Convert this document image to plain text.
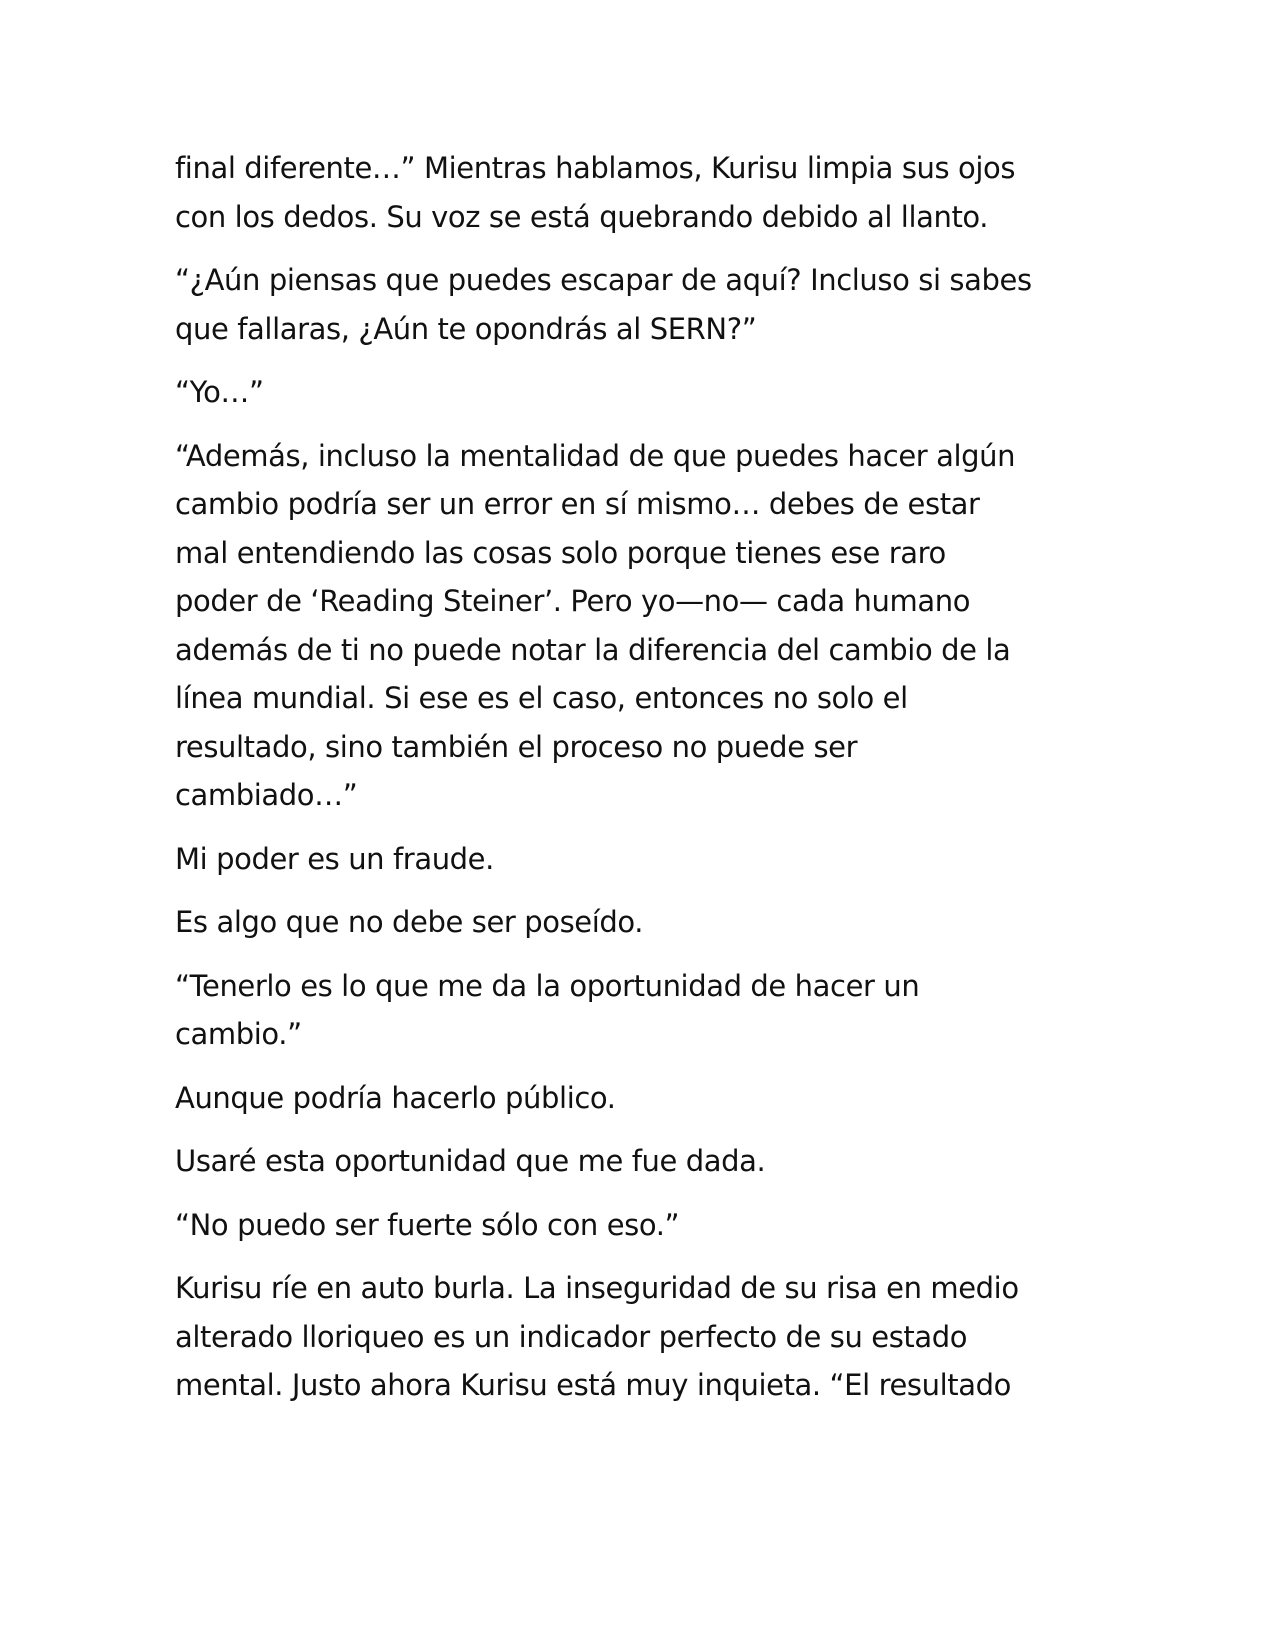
final diferente…” Mientras hablamos, Kurisu limpia sus ojos
con los dedos. Su voz se está quebrando debido al llanto.

“¿Aún piensas que puedes escapar de aquí? Incluso si sabes
que fallaras, ¿Aún te opondrás al SERN?”

“Yo…”

“Además, incluso la mentalidad de que puedes hacer algún
cambio podría ser un error en sí mismo… debes de estar
mal entendiendo las cosas solo porque tienes ese raro
poder de ‘Reading Steiner’. Pero yo—no— cada humano
además de ti no puede notar la diferencia del cambio de la
línea mundial. Si ese es el caso, entonces no solo el
resultado, sino también el proceso no puede ser
cambiado…”

Mi poder es un fraude.

Es algo que no debe ser poseído.

“Tenerlo es lo que me da la oportunidad de hacer un
cambio.”

Aunque podría hacerlo público.

Usaré esta oportunidad que me fue dada.

“No puedo ser fuerte sólo con eso.”

Kurisu ríe en auto burla. La inseguridad de su risa en medio
alterado lloriqueo es un indicador perfecto de su estado
mental. Justo ahora Kurisu está muy inquieta. “El resultado
